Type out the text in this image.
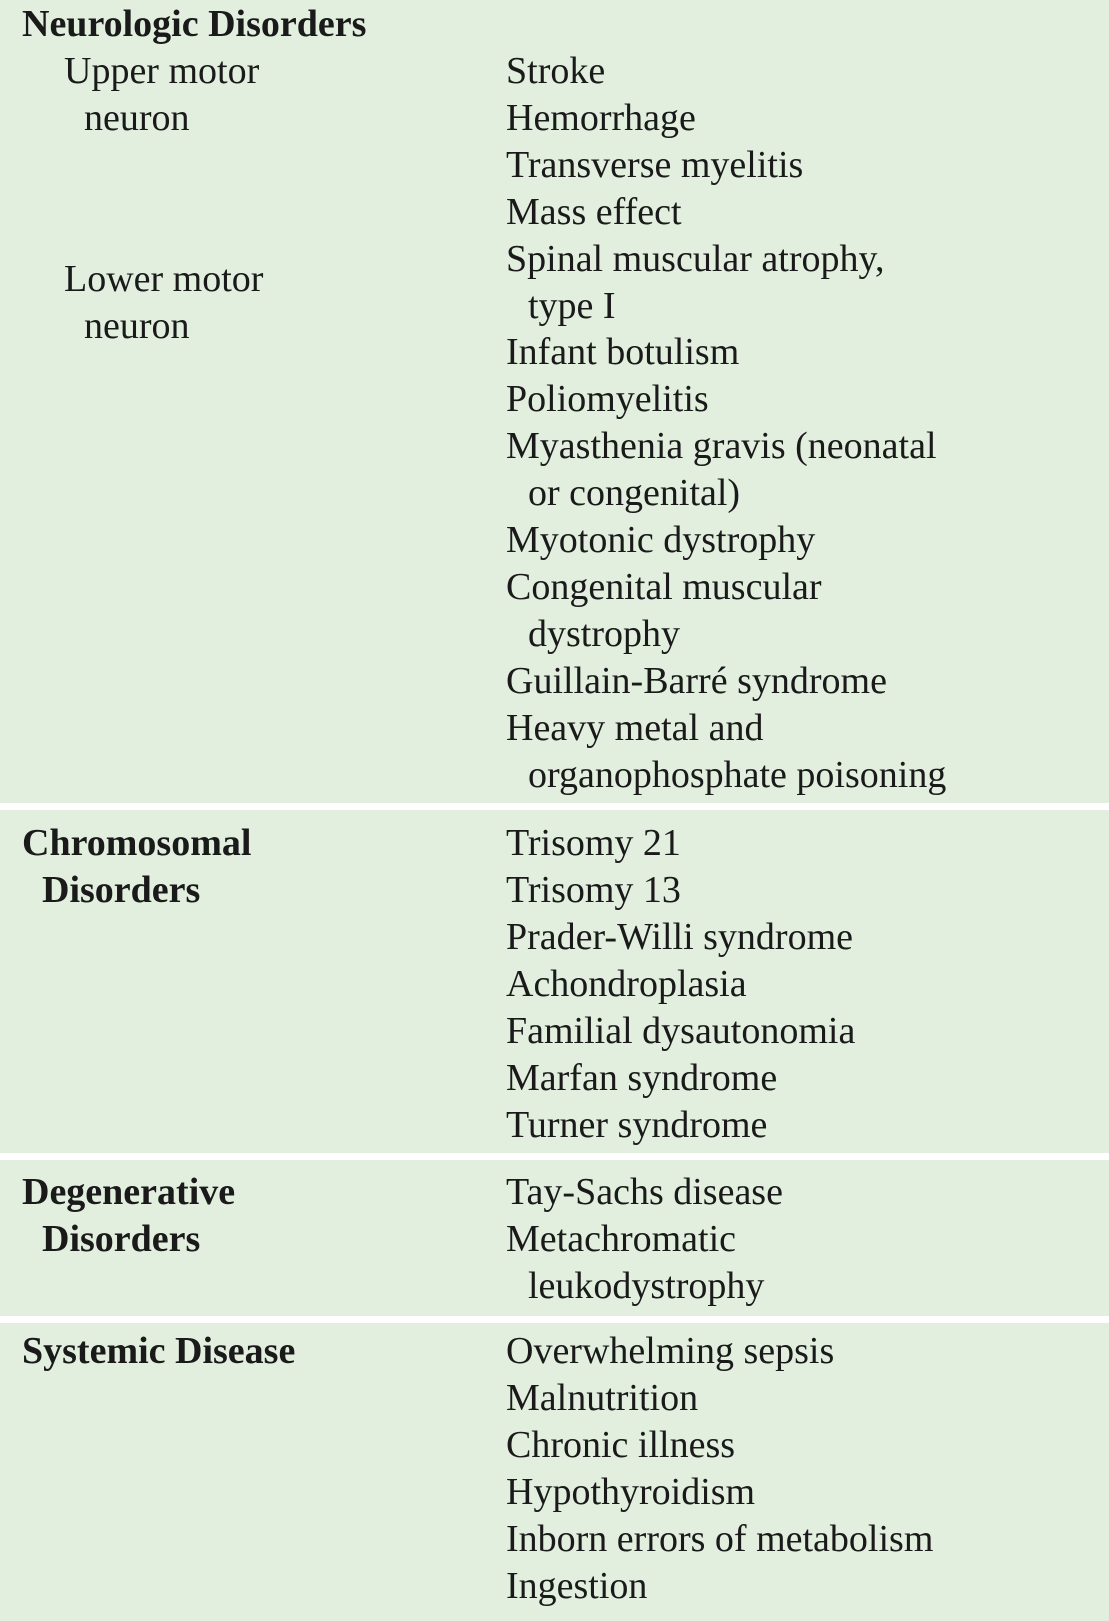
Neurologic Disorders
Upper motor
neuron
Stroke
Hemorrhage
Transverse myelitis
Mass effect
Lower motor
neuron
Spinal muscular atrophy,
type I
Infant botulism
Poliomyelitis
Myasthenia gravis (neonatal
or congenital)
Myotonic dystrophy
Congenital muscular
dystrophy
Guillain-Barré syndrome
Heavy metal and
organophosphate poisoning
Chromosomal
Disorders
Trisomy 21
Trisomy 13
Prader-Willi syndrome
Achondroplasia
Familial dysautonomia
Marfan syndrome
Turner syndrome
Degenerative
Disorders
Tay-Sachs disease
Metachromatic
leukodystrophy
Systemic Disease	Overwhelming sepsis
Malnutrition
Chronic illness
Hypothyroidism
Inborn errors of metabolism
Ingestion
